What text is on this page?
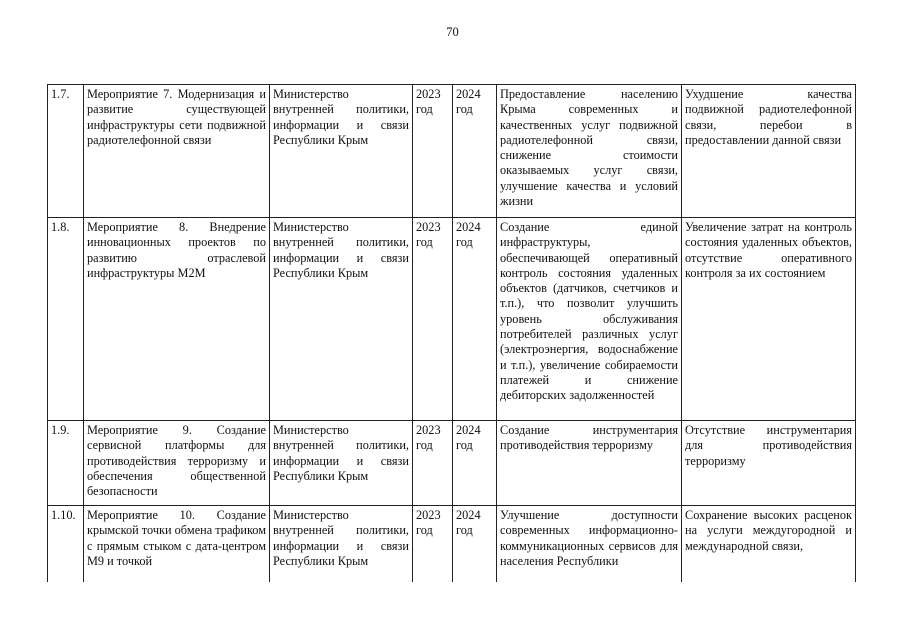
70
1.7.	Мероприятие 7. Модернизация и развитие существующей инфраструктуры сети подвижной радиотелефонной связи	Министерство внутренней политики, информации и связи Республики Крым	2023 год	2024 год	Предоставление населению Крыма современных и качественных услуг подвижной радиотелефонной связи, снижение стоимости оказываемых услуг связи, улучшение качества и условий жизни	Ухудшение качества подвижной радиотелефонной связи, перебои в предоставлении данной связи
1.8.	Мероприятие 8. Внедрение инновационных проектов по развитию отраслевой инфраструктуры М2М	Министерство внутренней политики, информации и связи Республики Крым	2023 год	2024 год	Создание единой инфраструктуры, обеспечивающей оперативный контроль состояния удаленных объектов (датчиков, счетчиков и т.п.), что позволит улучшить уровень обслуживания потребителей различных услуг (электроэнергия, водоснабжение и т.п.), увеличение собираемости платежей и снижение дебиторских задолженностей	Увеличение затрат на контроль состояния удаленных объектов, отсутствие оперативного контроля за их состоянием
1.9.	Мероприятие 9. Создание сервисной платформы для противодействия терроризму и обеспечения общественной безопасности	Министерство внутренней политики, информации и связи Республики Крым	2023 год	2024 год	Создание инструментария противодействия терроризму	Отсутствие инструментария для противодействия терроризму
1.10.	Мероприятие 10. Создание крымской точки обмена трафиком с прямым стыком с дата-центром М9 и точкой	Министерство внутренней политики, информации и связи Республики Крым	2023 год	2024 год	Улучшение доступности современных информационно-коммуникационных сервисов для населения Республики	Сохранение высоких расценок на услуги междугородной и международной связи,
